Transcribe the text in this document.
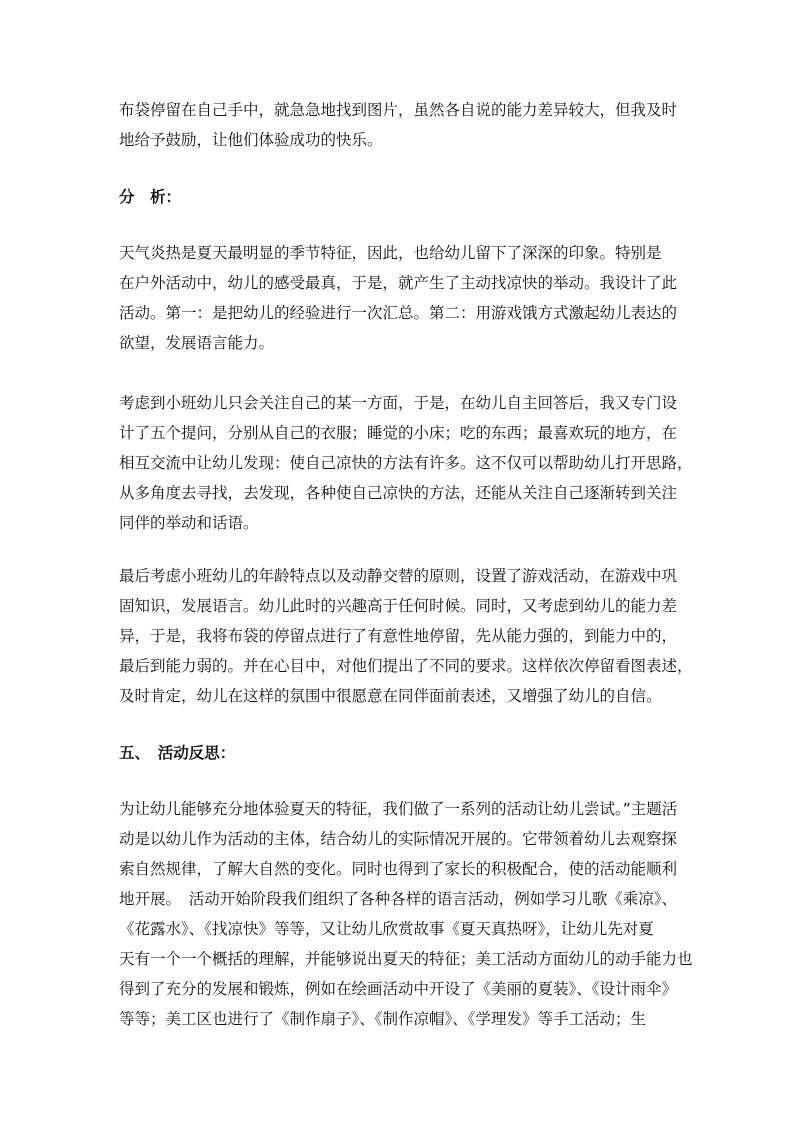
布袋停留在自己手中，就急急地找到图片，虽然各自说的能力差异较大，但我及时
地给予鼓励，让他们体验成功的快乐。
分　析：
天气炎热是夏天最明显的季节特征，因此，也给幼儿留下了深深的印象。特别是
在户外活动中，幼儿的感受最真，于是，就产生了主动找凉快的举动。我设计了此
活动。第一：是把幼儿的经验进行一次汇总。第二：用游戏饿方式激起幼儿表达的
欲望，发展语言能力。
考虑到小班幼儿只会关注自己的某一方面，于是，在幼儿自主回答后，我又专门设
计了五个提问，分别从自己的衣服；睡觉的小床；吃的东西；最喜欢玩的地方，在
相互交流中让幼儿发现：使自己凉快的方法有许多。这不仅可以帮助幼儿打开思路，
从多角度去寻找，去发现，各种使自己凉快的方法，还能从关注自己逐渐转到关注
同伴的举动和话语。
最后考虑小班幼儿的年龄特点以及动静交替的原则，设置了游戏活动，在游戏中巩
固知识，发展语言。幼儿此时的兴趣高于任何时候。同时，又考虑到幼儿的能力差
异，于是，我将布袋的停留点进行了有意性地停留，先从能力强的，到能力中的，
最后到能力弱的。并在心目中，对他们提出了不同的要求。这样依次停留看图表述，
及时肯定，幼儿在这样的氛围中很愿意在同伴面前表述，又增强了幼儿的自信。
五、　活动反思：
为让幼儿能够充分地体验夏天的特征，我们做了一系列的活动让幼儿尝试。”主题活
动是以幼儿作为活动的主体，结合幼儿的实际情况开展的。它带领着幼儿去观察探
索自然规律，了解大自然的变化。同时也得到了家长的积极配合，使的活动能顺利
地开展。　活动开始阶段我们组织了各种各样的语言活动，例如学习儿歌《乘凉》、
《花露水》、《找凉快》等等，又让幼儿欣赏故事《夏天真热呀》，让幼儿先对夏
天有一个一个概括的理解，并能够说出夏天的特征；美工活动方面幼儿的动手能力也
得到了充分的发展和锻炼，例如在绘画活动中开设了《美丽的夏装》、《设计雨伞》
等等；美工区也进行了《制作扇子》、《制作凉帽》、《学理发》等手工活动；生
